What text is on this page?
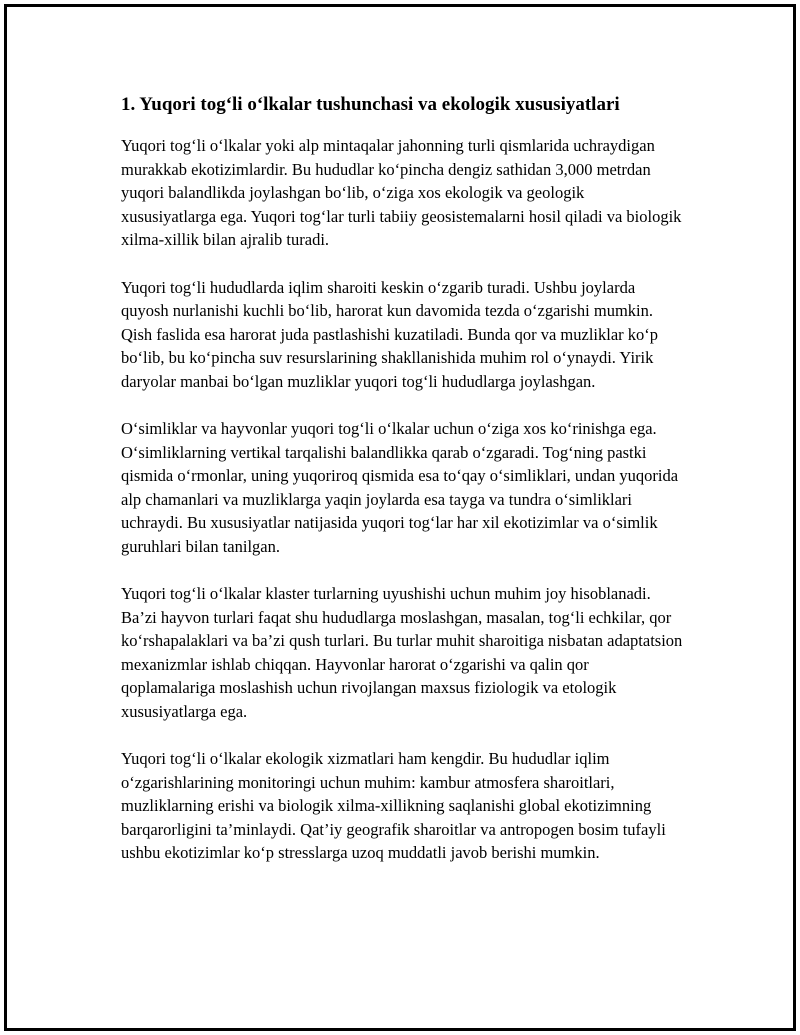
1. Yuqori tog‘li o‘lkalar tushunchasi va ekologik xususiyatlari

Yuqori tog‘li o‘lkalar yoki alp mintaqalar jahonning turli qismlarida uchraydigan murakkab ekotizimlardir. Bu hududlar ko‘pincha dengiz sathidan 3,000 metrdan yuqori balandlikda joylashgan bo‘lib, o‘ziga xos ekologik va geologik xususiyatlarga ega. Yuqori tog‘lar turli tabiiy geosistemalarni hosil qiladi va biologik xilma-xillik bilan ajralib turadi.

Yuqori tog‘li hududlarda iqlim sharoiti keskin o‘zgarib turadi. Ushbu joylarda quyosh nurlanishi kuchli bo‘lib, harorat kun davomida tezda o‘zgarishi mumkin. Qish faslida esa harorat juda pastlashishi kuzatiladi. Bunda qor va muzliklar ko‘p bo‘lib, bu ko‘pincha suv resurslarining shakllanishida muhim rol o‘ynaydi. Yirik daryolar manbai bo‘lgan muzliklar yuqori tog‘li hududlarga joylashgan.

O‘simliklar va hayvonlar yuqori tog‘li o‘lkalar uchun o‘ziga xos ko‘rinishga ega. O‘simliklarning vertikal tarqalishi balandlikka qarab o‘zgaradi. Tog‘ning pastki qismida o‘rmonlar, uning yuqoriroq qismida esa to‘qay o‘simliklari, undan yuqorida alp chamanlari va muzliklarga yaqin joylarda esa tayga va tundra o‘simliklari uchraydi. Bu xususiyatlar natijasida yuqori tog‘lar har xil ekotizimlar va o‘simlik guruhlari bilan tanilgan.

Yuqori tog‘li o‘lkalar klaster turlarning uyushishi uchun muhim joy hisoblanadi. Ba’zi hayvon turlari faqat shu hududlarga moslashgan, masalan, tog‘li echkilar, qor ko‘rshapalaklari va ba’zi qush turlari. Bu turlar muhit sharoitiga nisbatan adaptatsion mexanizmlar ishlab chiqqan. Hayvonlar harorat o‘zgarishi va qalin qor qoplamalariga moslashish uchun rivojlangan maxsus fiziologik va etologik xususiyatlarga ega.

Yuqori tog‘li o‘lkalar ekologik xizmatlari ham kengdir. Bu hududlar iqlim o‘zgarishlarining monitoringi uchun muhim: kambur atmosfera sharoitlari, muzliklarning erishi va biologik xilma-xillikning saqlanishi global ekotizimning barqarorligini ta’minlaydi. Qat’iy geografik sharoitlar va antropogen bosim tufayli ushbu ekotizimlar ko‘p stresslarga uzoq muddatli javob berishi mumkin.
